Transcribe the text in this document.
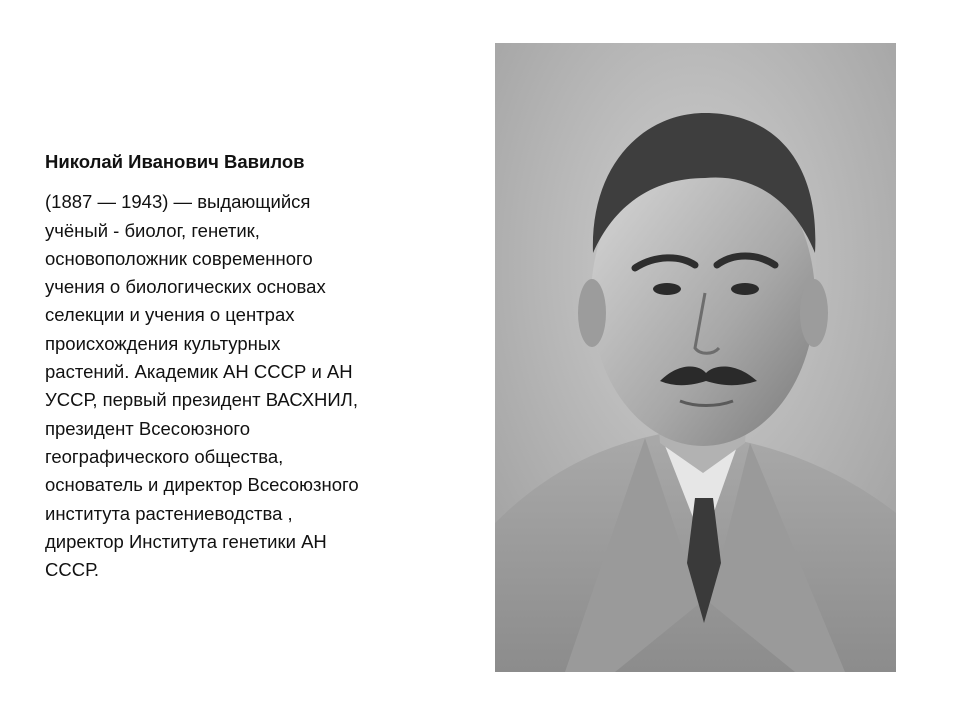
Николай Иванович Вавилов
(1887 — 1943) — выдающийся
учёный - биолог, генетик,
основоположник современного
учения о биологических основах
селекции и учения о центрах
происхождения культурных
растений. Академик АН СССР и АН
УССР, первый президент ВАСХНИЛ,
президент Всесоюзного
географического общества,
основатель и директор Всесоюзного
института растениеводства ,
директор Института генетики АН
СССР.
